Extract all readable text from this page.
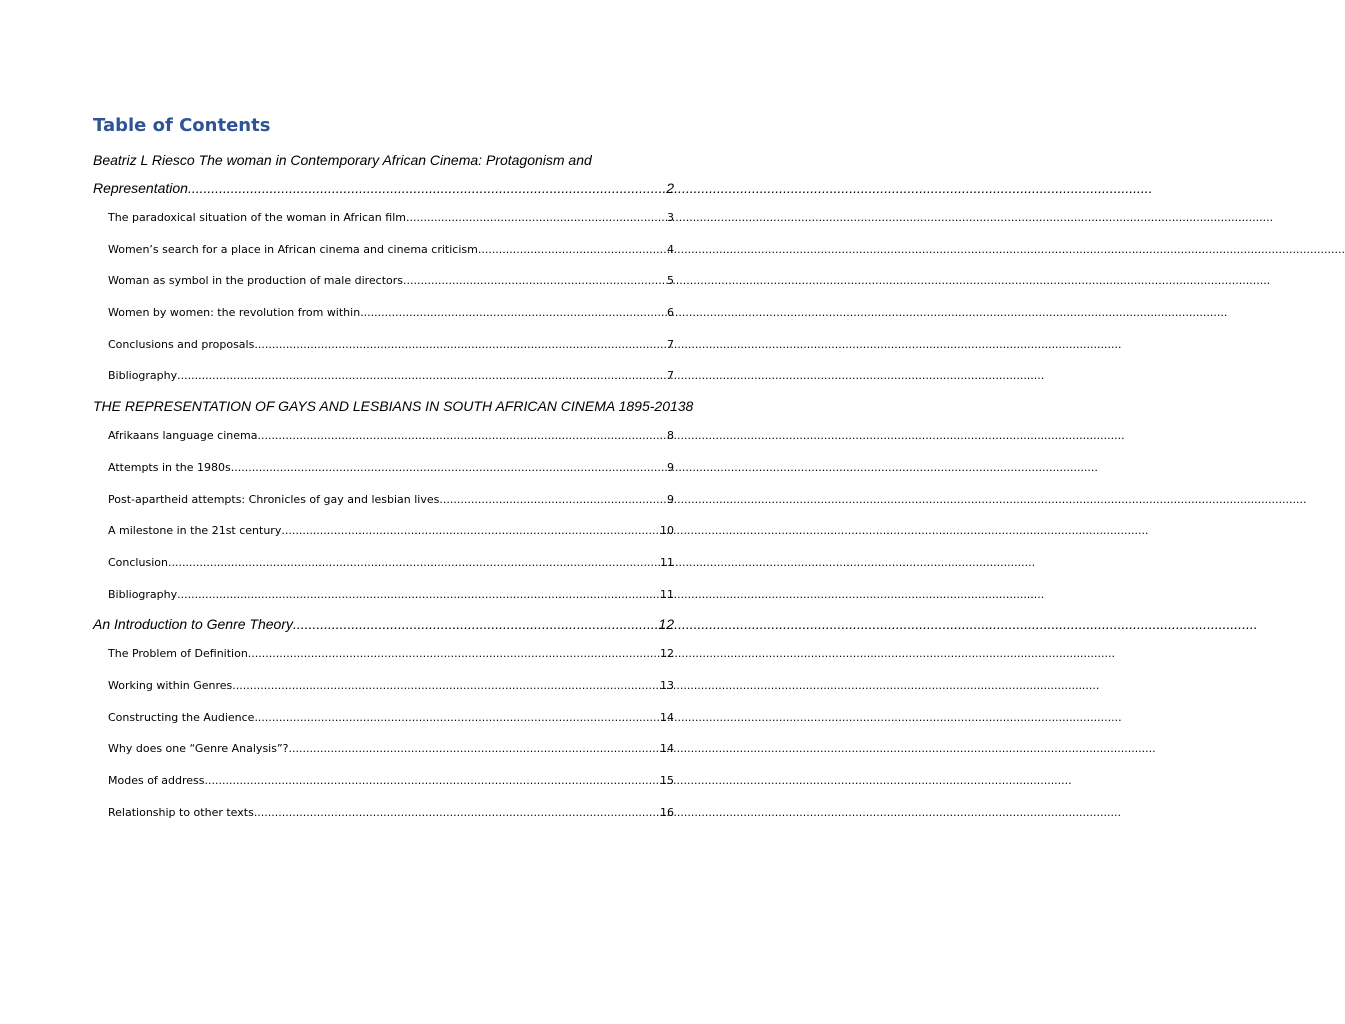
Table of Contents
Beatriz L Riesco The woman in Contemporary African Cinema: Protagonism and
Representation .....	2
The paradoxical situation of the woman in African film .....	3
Women’s search for a place in African cinema and cinema criticism .....	4
Woman as symbol in the production of male directors .....	5
Women by women: the revolution from within .....	6
Conclusions and proposals .....	7
Bibliography .....	7
THE REPRESENTATION OF GAYS AND LESBIANS IN SOUTH AFRICAN CINEMA 1895-2013 8
Afrikaans language cinema .....	8
Attempts in the 1980s .....	9
Post-apartheid attempts: Chronicles of gay and lesbian lives .....	9
A milestone in the 21st century .....	10
Conclusion .....	11
Bibliography .....	11
An Introduction to Genre Theory .....	12
The Problem of Definition .....	12
Working within Genres .....	13
Constructing the Audience .....	14
Why does one “Genre Analysis”? .....	14
Modes of address .....	15
Relationship to other texts .....	16
